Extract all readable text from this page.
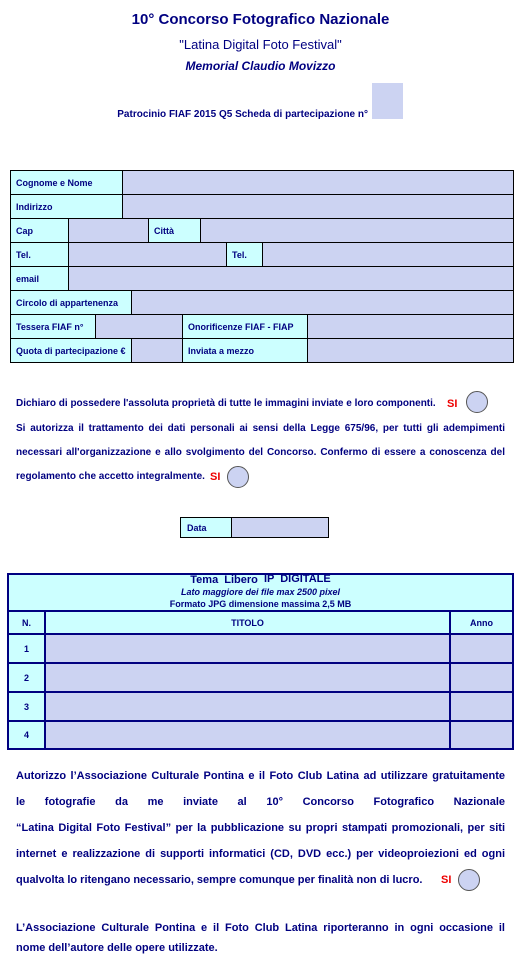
10° Concorso Fotografico Nazionale
"Latina Digital Foto Festival"
Memorial Claudio Movizzo
Patrocinio FIAF 2015 Q5 Scheda di partecipazione n°
Cognome e Nome
Indirizzo
Cap	Città
Tel.	Tel.
email
Circolo di appartenenza
Tessera FIAF n°	Onorificenze FIAF - FIAP
Quota di partecipazione €	Inviata a mezzo
Dichiaro di possedere l'assoluta proprietà di tutte le immagini inviate e loro componenti.	SI
Si autorizza il trattamento dei dati personali ai sensi della Legge 675/96, per tutti gli adempimenti
necessari all'organizzazione e allo svolgimento del Concorso. Confermo di essere a conoscenza del
regolamento che accetto integralmente. SI
Data
Tema Libero IP DIGITALE
Lato maggiore dei file max 2500 pixel
Formato JPG dimensione massima 2,5 MB		

N.	TITOLO	Anno
1		
2		
3		
4		
Autorizzo l’Associazione Culturale Pontina e il Foto Club Latina ad utilizzare gratuitamente
le fotografie da me inviate al 10° Concorso Fotografico Nazionale
“Latina Digital Foto Festival” per la pubblicazione su propri stampati promozionali, per siti
internet e realizzazione di supporti informatici (CD, DVD ecc.) per videoproiezioni ed ogni
qualvolta lo ritengano necessario, sempre comunque per finalità non di lucro.	SI
L’Associazione Culturale Pontina e il Foto Club Latina riporteranno in ogni occasione il
nome dell’autore delle opere utilizzate.
